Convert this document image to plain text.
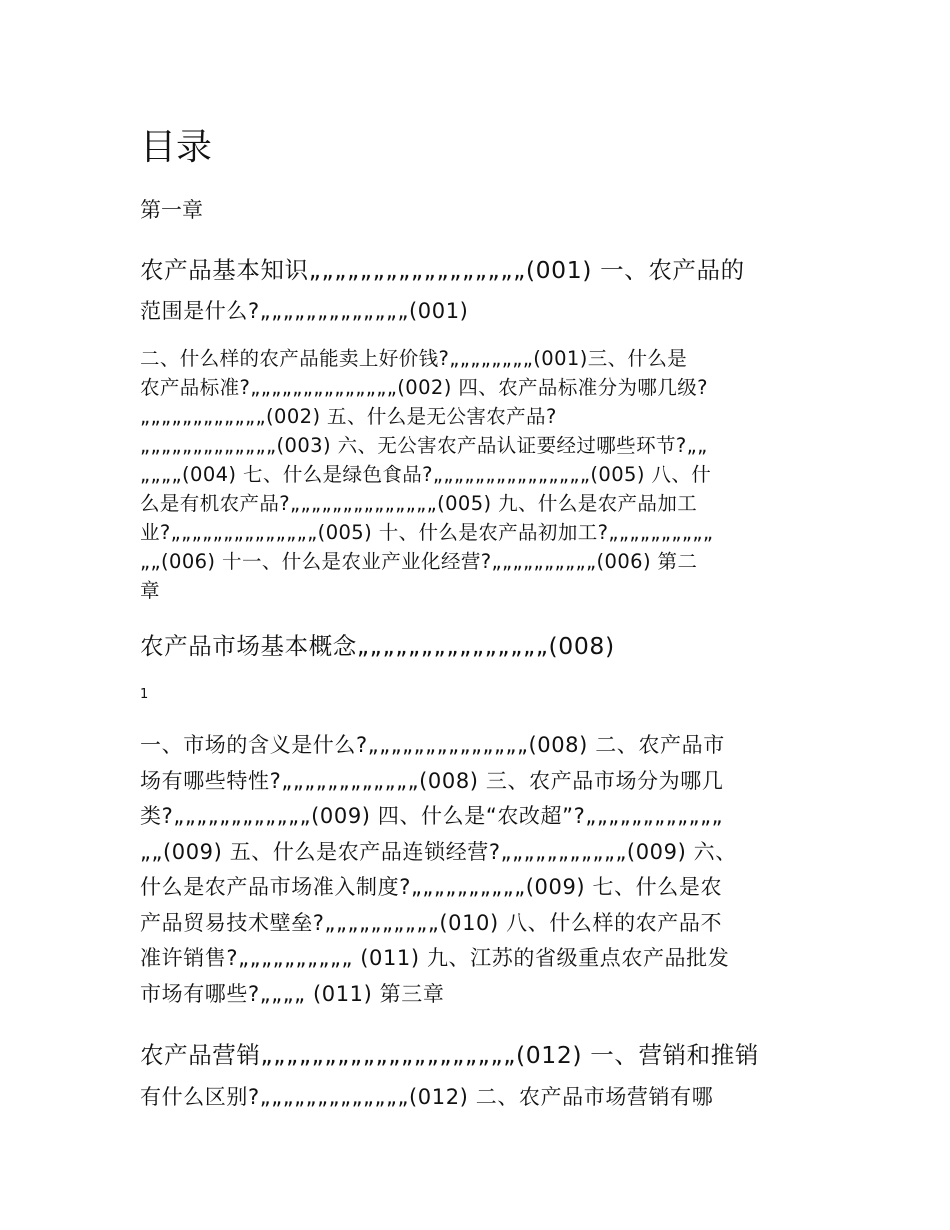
目录
第一章
农产品基本知识„„„„„„„„„„„„„„„„„(001) 一、农产品的
范围是什么?„„„„„„„„„„„„„(001)
二、什么样的农产品能卖上好价钱?„„„„„„„„(001)三、什么是
农产品标准?„„„„„„„„„„„„„„(002) 四、农产品标准分为哪几级?
„„„„„„„„„„„„(002) 五、什么是无公害农产品?
„„„„„„„„„„„„„(003) 六、无公害农产品认证要经过哪些环节?„„
„„„„(004) 七、什么是绿色食品?„„„„„„„„„„„„„„„(005) 八、什
么是有机农产品?„„„„„„„„„„„„„„(005) 九、什么是农产品加工
业?„„„„„„„„„„„„„„(005) 十、什么是农产品初加工?„„„„„„„„„„
„„(006) 十一、什么是农业产业化经营?„„„„„„„„„„(006) 第二
章
农产品市场基本概念„„„„„„„„„„„„„„„(008)
1
一、市场的含义是什么?„„„„„„„„„„„„„„(008) 二、农产品市
场有哪些特性?„„„„„„„„„„„„(008) 三、农产品市场分为哪几
类?„„„„„„„„„„„„(009) 四、什么是“农改超”?„„„„„„„„„„„„
„„(009) 五、什么是农产品连锁经营?„„„„„„„„„„„(009) 六、
什么是农产品市场准入制度?„„„„„„„„„„(009) 七、什么是农
产品贸易技术壁垒?„„„„„„„„„„(010) 八、什么样的农产品不
准许销售?„„„„„„„„„„ (011) 九、江苏的省级重点农产品批发
市场有哪些?„„„„ (011) 第三章
农产品营销„„„„„„„„„„„„„„„„„„„„(012) 一、营销和推销
有什么区别?„„„„„„„„„„„„„(012) 二、农产品市场营销有哪
